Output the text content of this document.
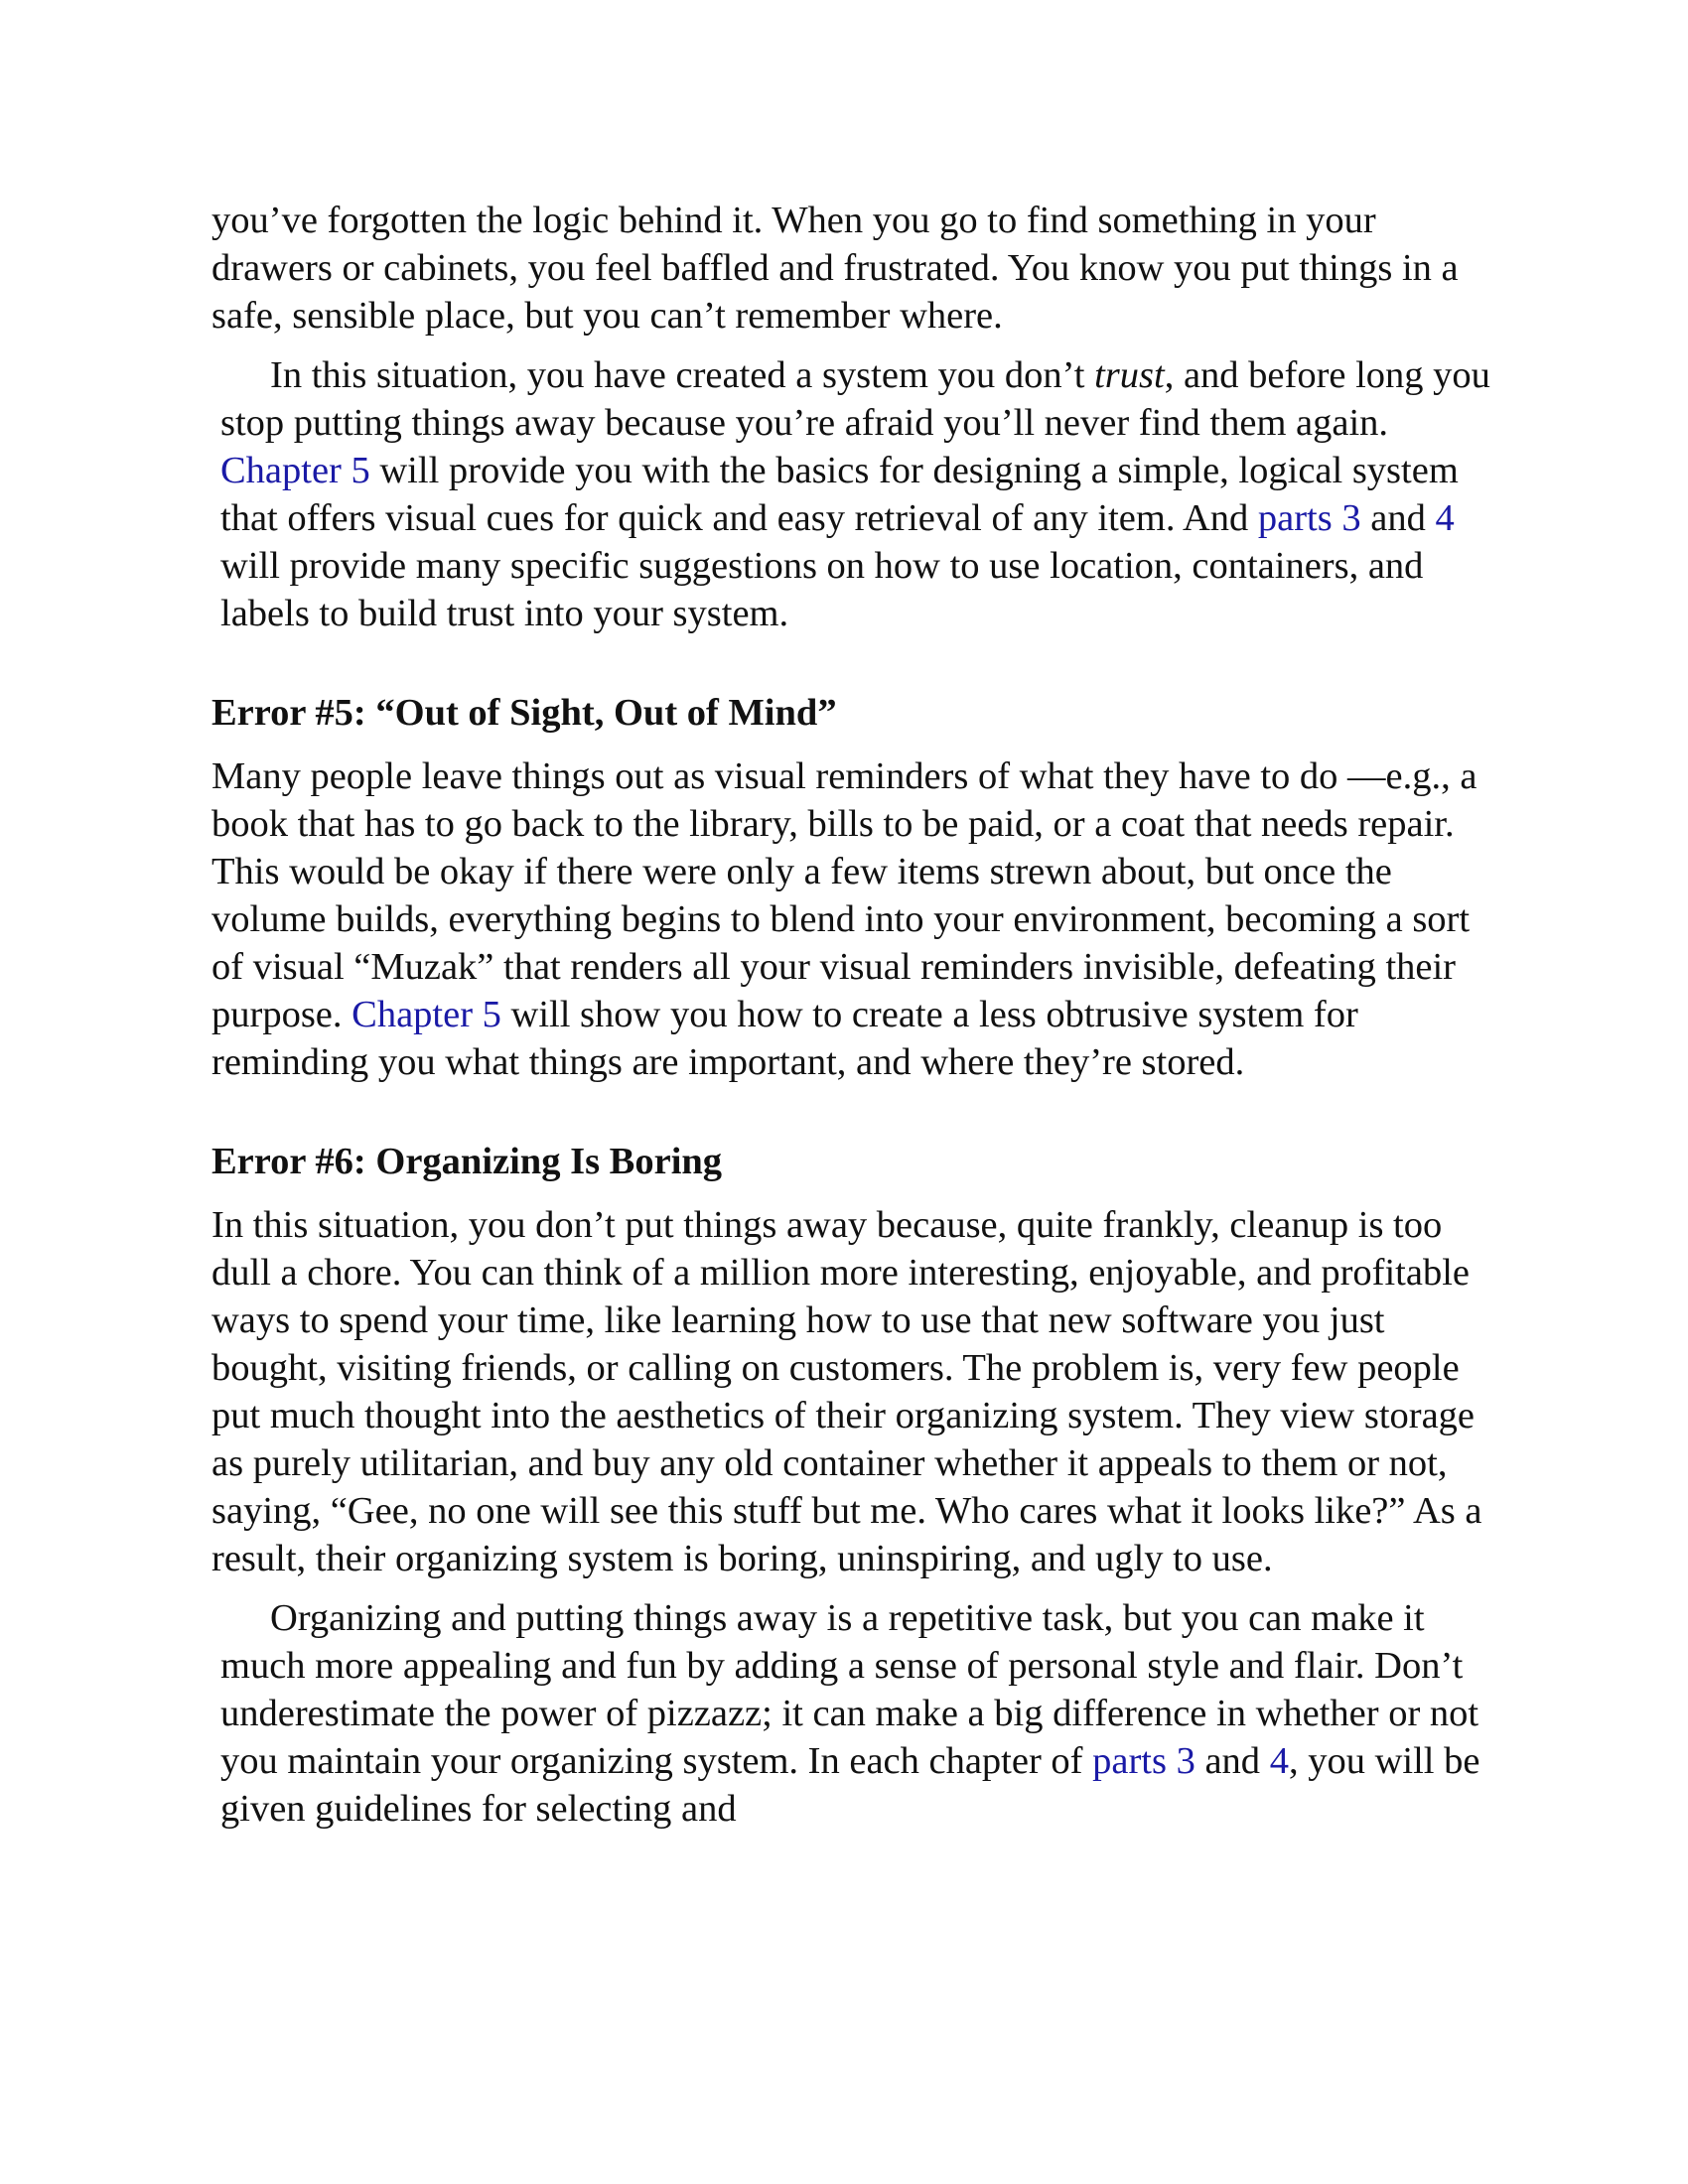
you’ve forgotten the logic behind it. When you go to find something in your drawers or cabinets, you feel baffled and frustrated. You know you put things in a safe, sensible place, but you can’t remember where.

In this situation, you have created a system you don’t trust, and before long you stop putting things away because you’re afraid you’ll never find them again. Chapter 5 will provide you with the basics for designing a simple, logical system that offers visual cues for quick and easy retrieval of any item. And parts 3 and 4 will provide many specific suggestions on how to use location, containers, and labels to build trust into your system.

Error #5: “Out of Sight, Out of Mind”

Many people leave things out as visual reminders of what they have to do —e.g., a book that has to go back to the library, bills to be paid, or a coat that needs repair. This would be okay if there were only a few items strewn about, but once the volume builds, everything begins to blend into your environment, becoming a sort of visual “Muzak” that renders all your visual reminders invisible, defeating their purpose. Chapter 5 will show you how to create a less obtrusive system for reminding you what things are important, and where they’re stored.

Error #6: Organizing Is Boring

In this situation, you don’t put things away because, quite frankly, cleanup is too dull a chore. You can think of a million more interesting, enjoyable, and profitable ways to spend your time, like learning how to use that new software you just bought, visiting friends, or calling on customers. The problem is, very few people put much thought into the aesthetics of their organizing system. They view storage as purely utilitarian, and buy any old container whether it appeals to them or not, saying, “Gee, no one will see this stuff but me. Who cares what it looks like?” As a result, their organizing system is boring, uninspiring, and ugly to use.

Organizing and putting things away is a repetitive task, but you can make it much more appealing and fun by adding a sense of personal style and flair. Don’t underestimate the power of pizzazz; it can make a big difference in whether or not you maintain your organizing system. In each chapter of parts 3 and 4, you will be given guidelines for selecting and
